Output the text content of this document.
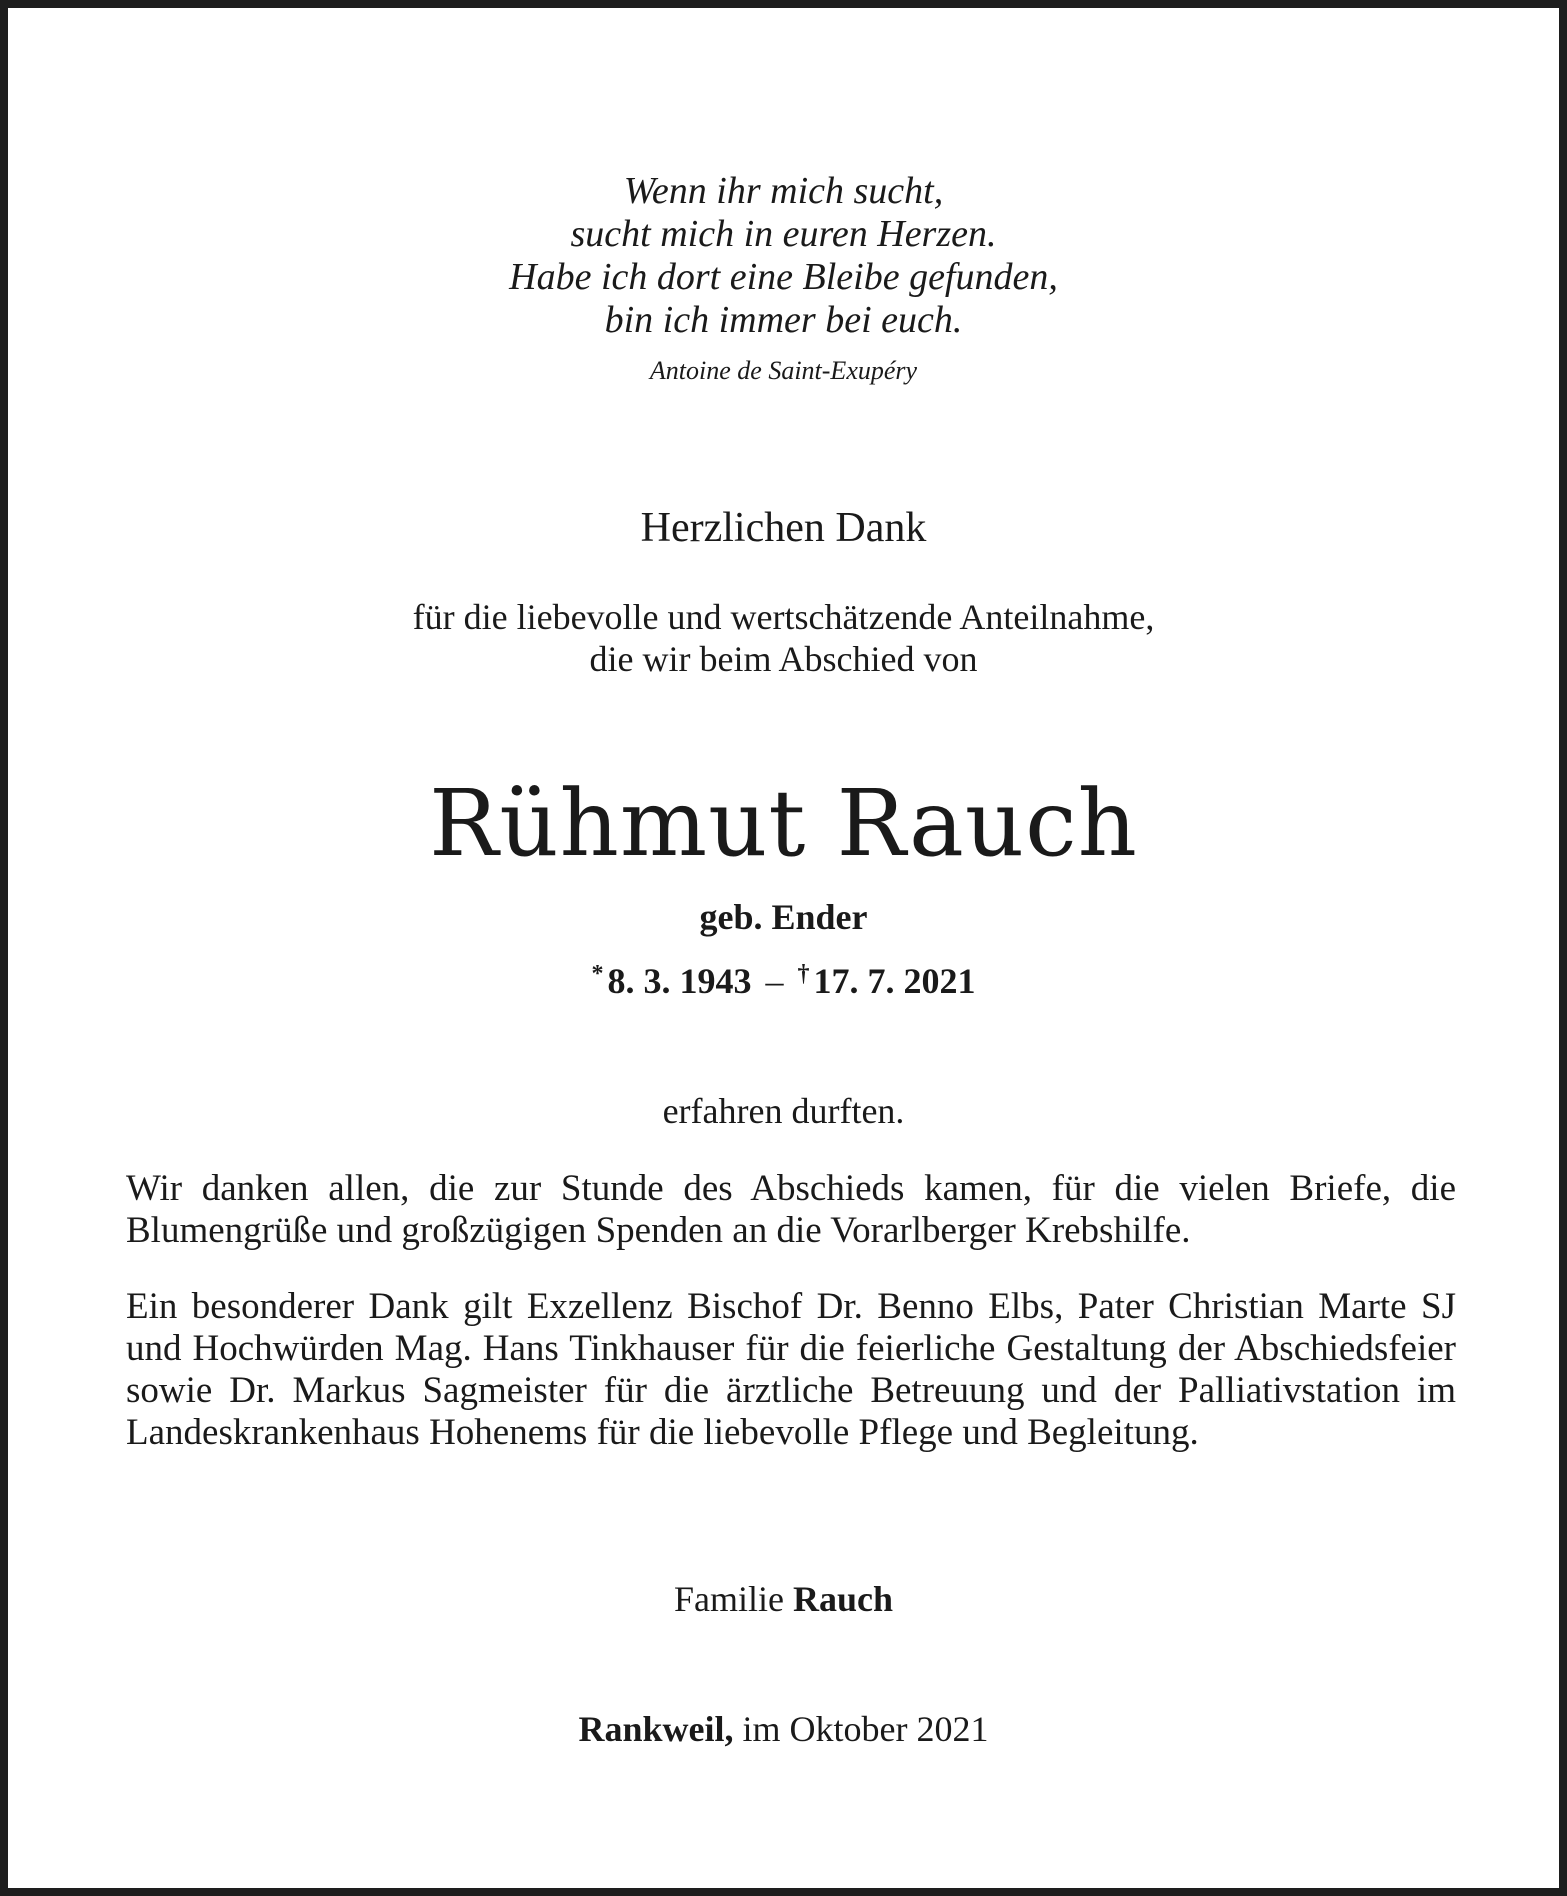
Wenn ihr mich sucht,
sucht mich in euren Herzen.
Habe ich dort eine Bleibe gefunden,
bin ich immer bei euch.
Antoine de Saint-Exupéry
Herzlichen Dank
für die liebevolle und wertschätzende Anteilnahme,
die wir beim Abschied von
Rühmut Rauch
geb. Ender
* 8. 3. 1943 – † 17. 7. 2021
erfahren durften.
Wir danken allen, die zur Stunde des Abschieds kamen, für die vielen Briefe, die Blumengrüße und großzügigen Spenden an die Vorarlberger Krebshilfe.
Ein besonderer Dank gilt Exzellenz Bischof Dr. Benno Elbs, Pater Christian Marte SJ und Hochwürden Mag. Hans Tinkhauser für die feierliche Gestaltung der Abschiedsfeier sowie Dr. Markus Sagmeister für die ärztliche Betreuung und der Palliativstation im Landeskrankenhaus Hohenems für die liebevolle Pflege und Begleitung.
Familie Rauch
Rankweil, im Oktober 2021
